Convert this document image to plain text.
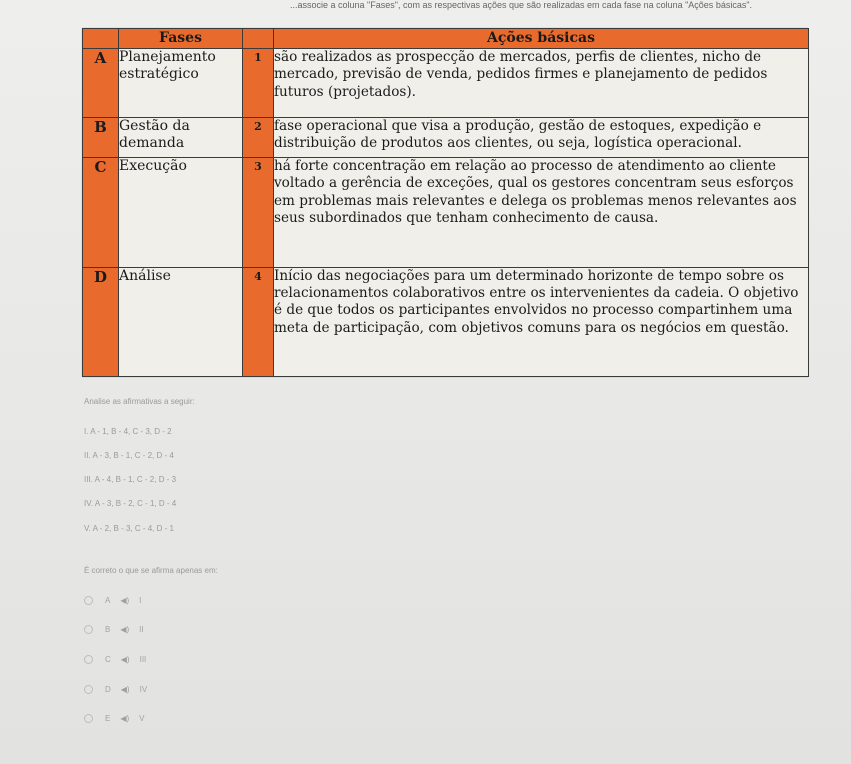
...associe a coluna "Fases", com as respectivas ações que são realizadas em cada fase na coluna "Ações básicas".
	Fases		Ações básicas
A	Planejamento estratégico	1	são realizados as prospecção de mercados, perfis de clientes, nicho de mercado, previsão de venda, pedidos firmes e planejamento de pedidos futuros (projetados).
B	Gestão da demanda	2	fase operacional que visa a produção, gestão de estoques, expedição e distribuição de produtos aos clientes, ou seja, logística operacional.
C	Execução	3	há forte concentração em relação ao processo de atendimento ao cliente voltado a gerência de exceções, qual os gestores concentram seus esforços em problemas mais relevantes e delega os problemas menos relevantes aos seus subordinados que tenham conhecimento de causa.
D	Análise	4	Início das negociações para um determinado horizonte de tempo sobre os relacionamentos colaborativos entre os intervenientes da cadeia. O objetivo é de que todos os participantes envolvidos no processo compartinhem uma meta de participação, com objetivos comuns para os negócios em questão.
Analise as afirmativas a seguir:
I. A - 1, B - 4, C - 3, D - 2
II. A - 3, B - 1, C - 2, D - 4
III. A - 4, B - 1, C - 2, D - 3
IV. A - 3, B - 2, C - 1, D - 4
V. A - 2, B - 3, C - 4, D - 1
É correto o que se afirma apenas em:
A ◀) I
B ◀) II
C ◀) III
D ◀) IV
E ◀) V
